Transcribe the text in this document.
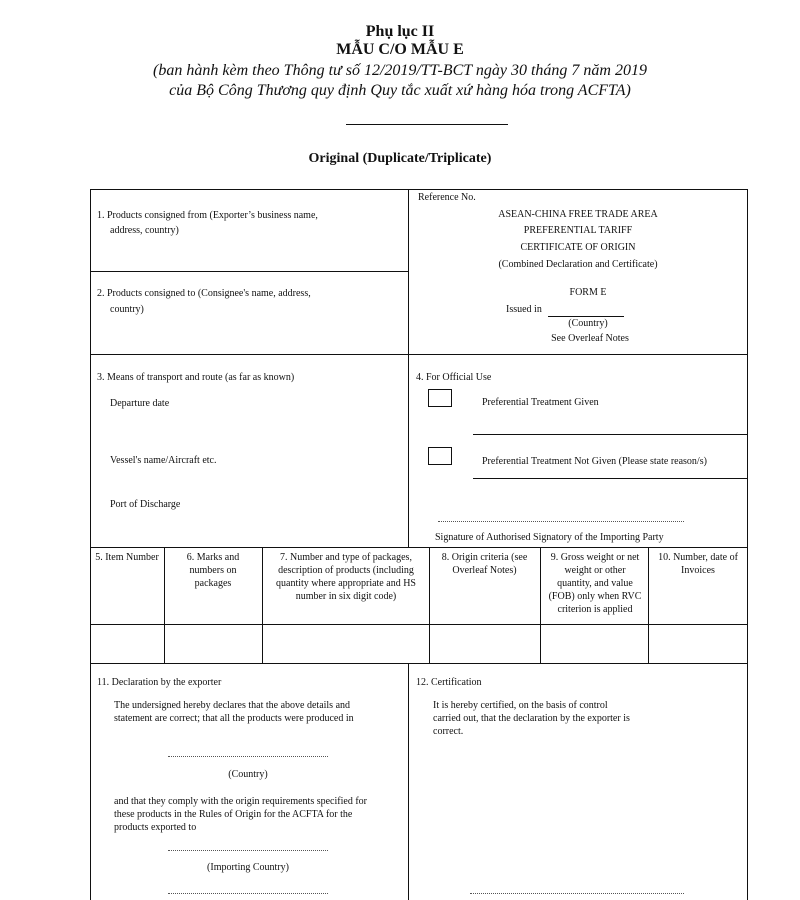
Phụ lục II
MẪU C/O MẪU E
(ban hành kèm theo Thông tư số 12/2019/TT-BCT ngày 30 tháng 7 năm 2019
của Bộ Công Thương quy định Quy tắc xuất xứ hàng hóa trong ACFTA)
Original (Duplicate/Triplicate)
1. Products consigned from (Exporter’s business name,
address, country)
2. Products consigned to (Consignee's name, address,
country)
Reference No.
ASEAN-CHINA FREE TRADE AREA
PREFERENTIAL TARIFF
CERTIFICATE OF ORIGIN
(Combined Declaration and Certificate)
FORM E
Issued in
(Country)
See Overleaf Notes
3. Means of transport and route (as far as known)
Departure date
Vessel's name/Aircraft etc.
Port of Discharge
4. For Official Use
Preferential Treatment Given
Preferential Treatment Not Given (Please state reason/s)
Signature of Authorised Signatory of the Importing Party
5. Item Number	6. Marks and numbers on packages
7. Number and type of packages, description of products (including quantity where appropriate and HS number in six digit code)
8. Origin criteria (see Overleaf Notes)
9. Gross weight or net weight or other quantity, and value (FOB) only when RVC criterion is applied
10. Number, date of Invoices
11. Declaration by the exporter
The undersigned hereby declares that the above details and statement are correct; that all the products were produced in
(Country)
and that they comply with the origin requirements specified for these products in the Rules of Origin for the ACFTA for the products exported to
(Importing Country)
12. Certification
It is hereby certified, on the basis of control carried out, that the declaration by the exporter is correct.
